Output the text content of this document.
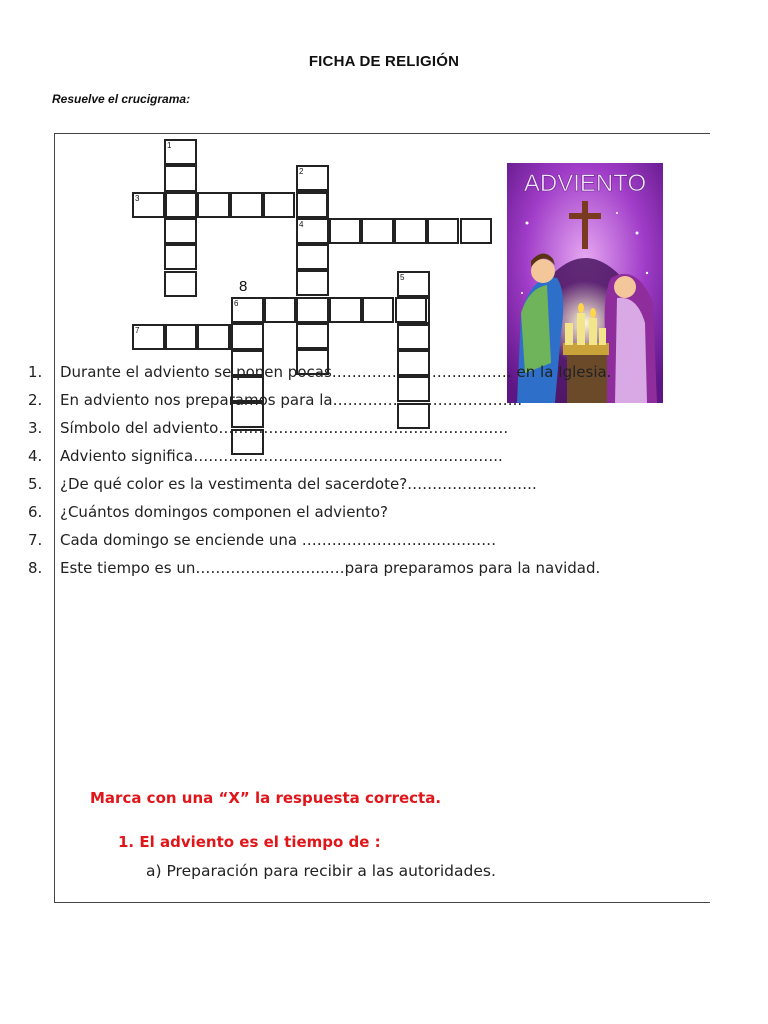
FICHA DE RELIGIÓN
Resuelve el crucigrama:
1
2
3
4
5
6
7
8
ADVIENTO
1. Durante el adviento se ponen pocas……………………………… en la Iglesia.
2. En adviento nos preparamos para la………………………………..
3. Símbolo del adviento………………………………………………….
4. Adviento significa……………………………………………………..
5. ¿De qué color es la vestimenta del sacerdote?……………………..
6. ¿Cuántos domingos componen el adviento?
7. Cada domingo se enciende una ……………………...…………
8. Este tiempo es un……………………...…para preparamos para la navidad.
Marca con una “X” la respuesta correcta.
1. El adviento es el tiempo de :
a) Preparación para recibir a las autoridades.
